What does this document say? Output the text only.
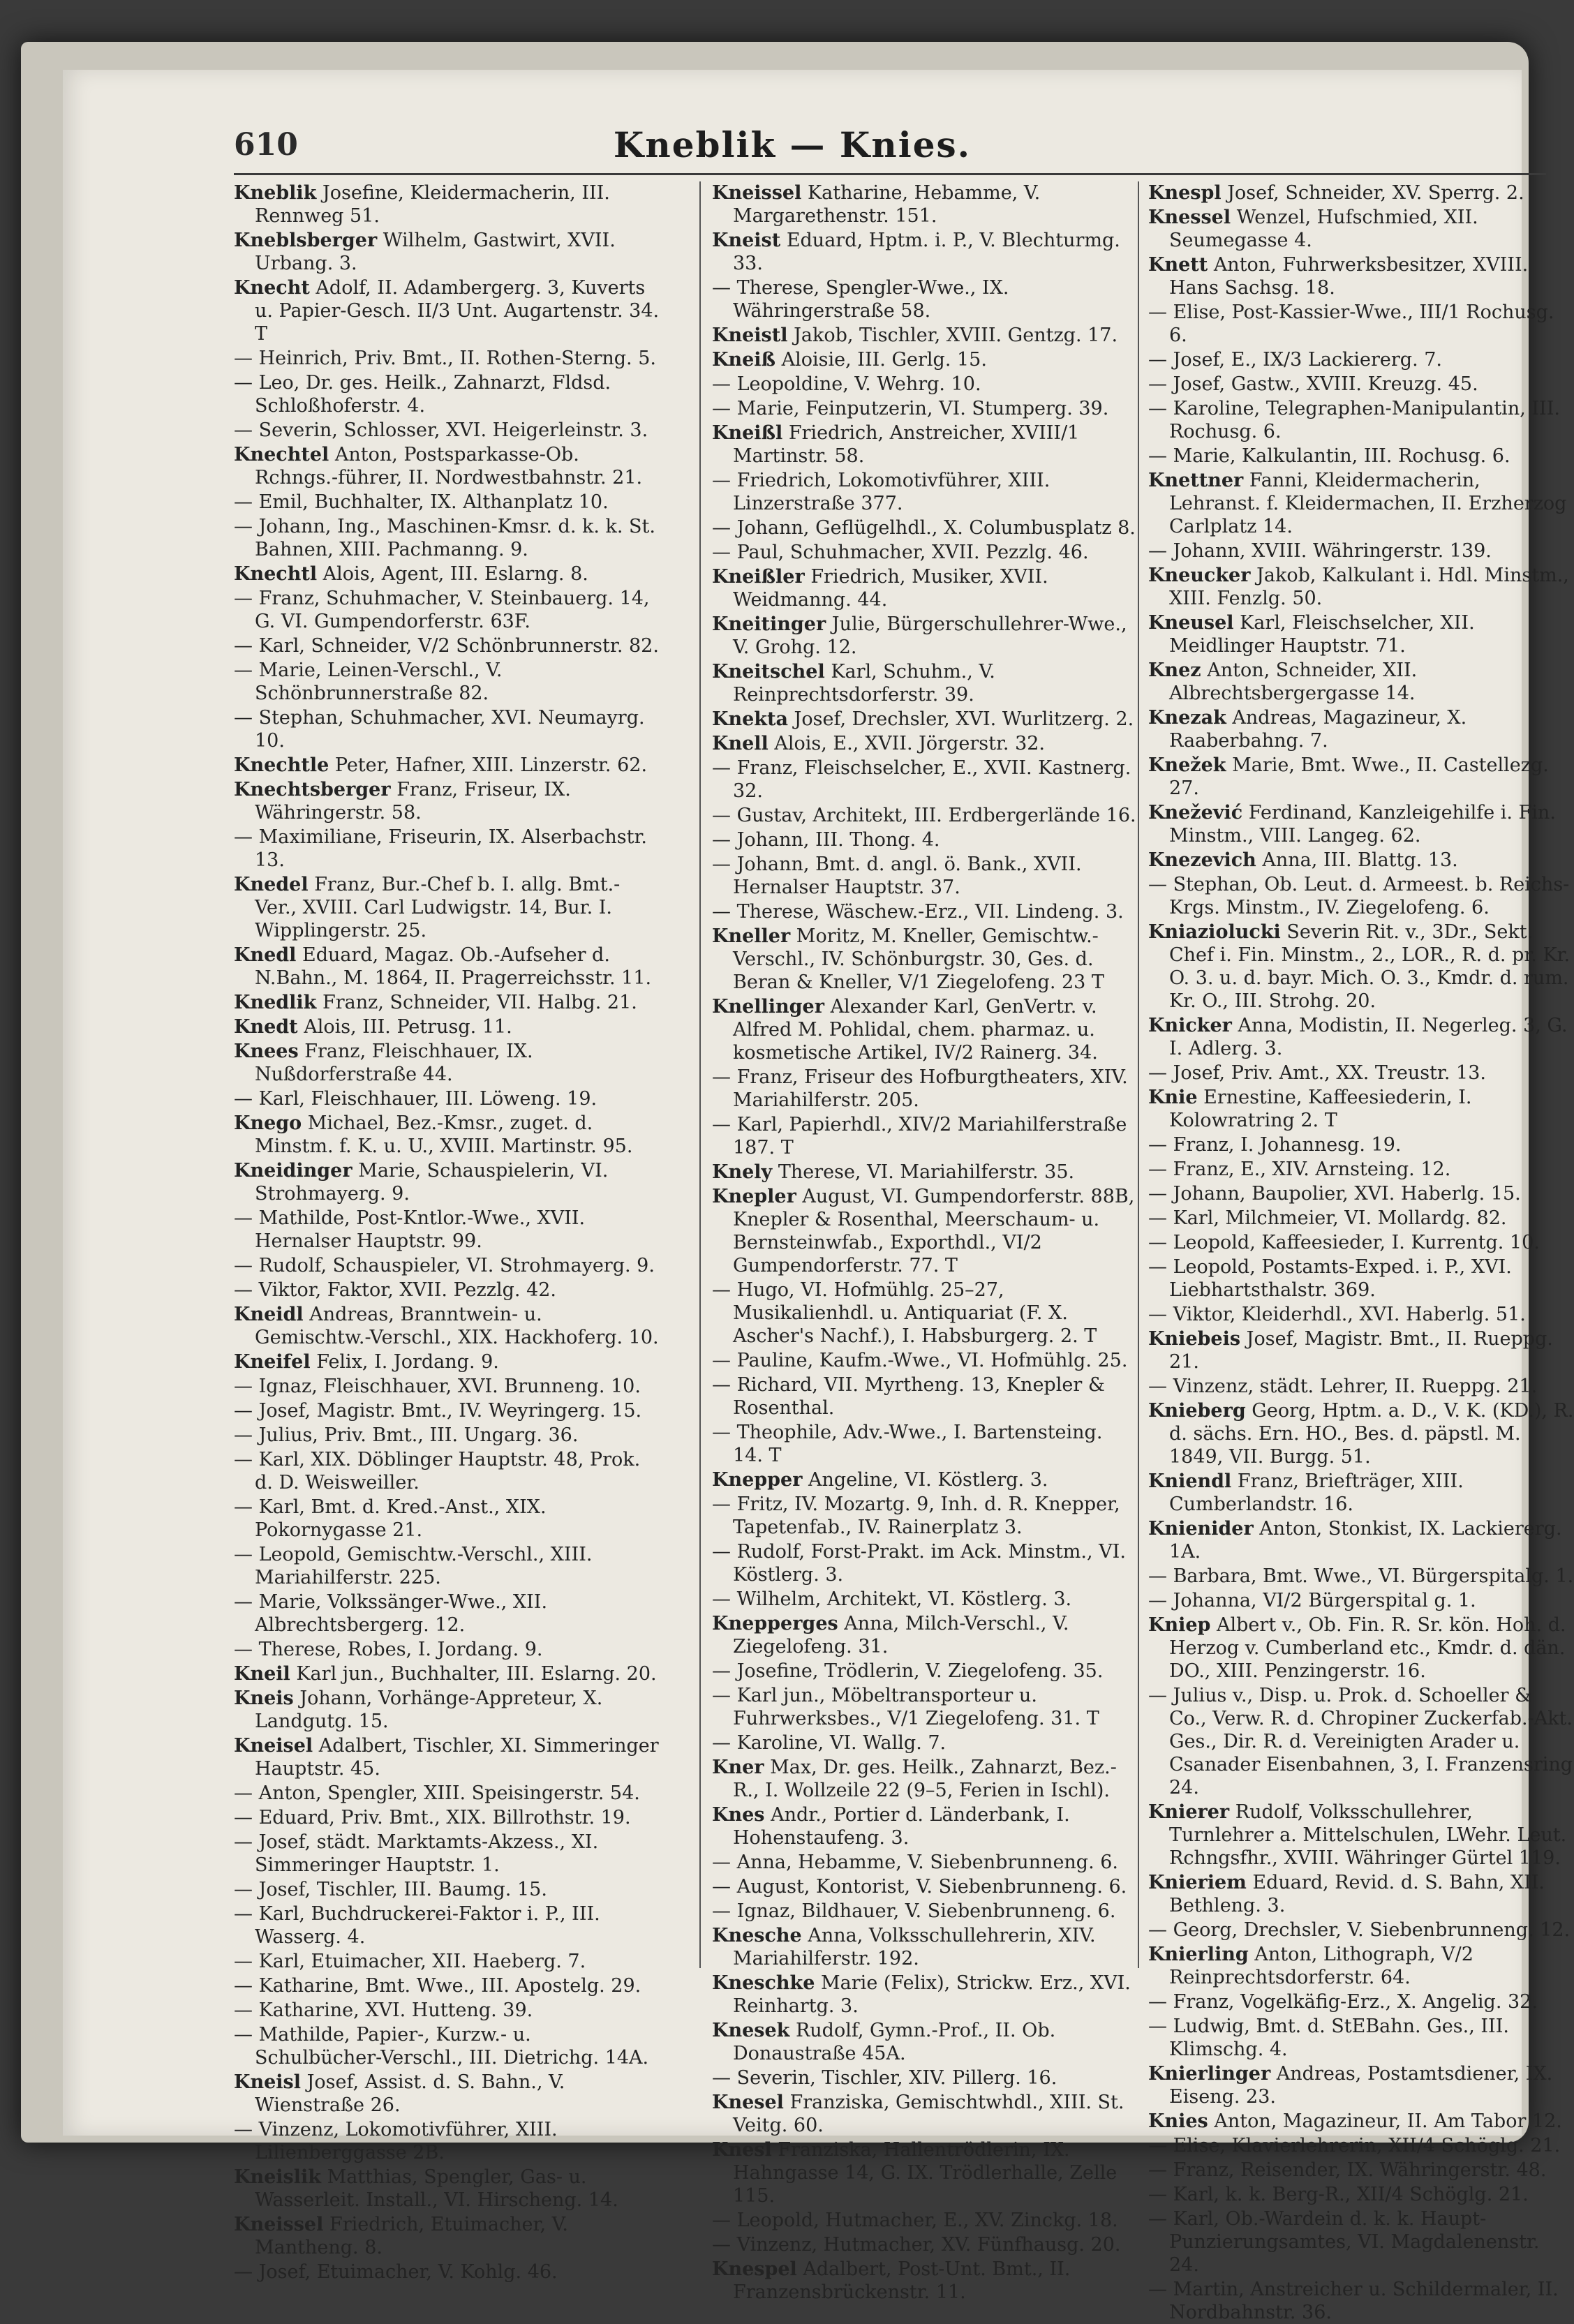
610	Kneblik — Knies.
Kneblik Josefine, Kleidermacherin, III. Rennweg 51.
Kneblsberger Wilhelm, Gastwirt, XVII. Urbang. 3.
Knecht Adolf, II. Adambergerg. 3, Kuverts u. Papier-Gesch. II/3 Unt. Augartenstr. 34. T
— Heinrich, Priv. Bmt., II. Rothen-Sterng. 5.
— Leo, Dr. ges. Heilk., Zahnarzt, Fldsd. Schloßhoferstr. 4.
— Severin, Schlosser, XVI. Heigerleinstr. 3.
Knechtel Anton, Postsparkasse-Ob. Rchngs.-führer, II. Nordwestbahnstr. 21.
— Emil, Buchhalter, IX. Althanplatz 10.
— Johann, Ing., Maschinen-Kmsr. d. k. k. St. Bahnen, XIII. Pachmanng. 9.
Knechtl Alois, Agent, III. Eslarng. 8.
— Franz, Schuhmacher, V. Steinbauerg. 14, G. VI. Gumpendorferstr. 63F.
— Karl, Schneider, V/2 Schönbrunnerstr. 82.
— Marie, Leinen-Verschl., V. Schönbrunnerstraße 82.
— Stephan, Schuhmacher, XVI. Neumayrg. 10.
Knechtle Peter, Hafner, XIII. Linzerstr. 62.
Knechtsberger Franz, Friseur, IX. Währingerstr. 58.
— Maximiliane, Friseurin, IX. Alserbachstr. 13.
Knedel Franz, Bur.-Chef b. I. allg. Bmt.-Ver., XVIII. Carl Ludwigstr. 14, Bur. I. Wipplingerstr. 25.
Knedl Eduard, Magaz. Ob.-Aufseher d. N.Bahn., M. 1864, II. Pragerreichsstr. 11.
Knedlik Franz, Schneider, VII. Halbg. 21.
Knedt Alois, III. Petrusg. 11.
Knees Franz, Fleischhauer, IX. Nußdorferstraße 44.
— Karl, Fleischhauer, III. Löweng. 19.
Knego Michael, Bez.-Kmsr., zuget. d. Minstm. f. K. u. U., XVIII. Martinstr. 95.
Kneidinger Marie, Schauspielerin, VI. Strohmayerg. 9.
— Mathilde, Post-Kntlor.-Wwe., XVII. Hernalser Hauptstr. 99.
— Rudolf, Schauspieler, VI. Strohmayerg. 9.
— Viktor, Faktor, XVII. Pezzlg. 42.
Kneidl Andreas, Branntwein- u. Gemischtw.-Verschl., XIX. Hackhoferg. 10.
Kneifel Felix, I. Jordang. 9.
— Ignaz, Fleischhauer, XVI. Brunneng. 10.
— Josef, Magistr. Bmt., IV. Weyringerg. 15.
— Julius, Priv. Bmt., III. Ungarg. 36.
— Karl, XIX. Döblinger Hauptstr. 48, Prok. d. D. Weisweiller.
— Karl, Bmt. d. Kred.-Anst., XIX. Pokornygasse 21.
— Leopold, Gemischtw.-Verschl., XIII. Mariahilferstr. 225.
— Marie, Volkssänger-Wwe., XII. Albrechtsbergerg. 12.
— Therese, Robes, I. Jordang. 9.
Kneil Karl jun., Buchhalter, III. Eslarng. 20.
Kneis Johann, Vorhänge-Appreteur, X. Landgutg. 15.
Kneisel Adalbert, Tischler, XI. Simmeringer Hauptstr. 45.
— Anton, Spengler, XIII. Speisingerstr. 54.
— Eduard, Priv. Bmt., XIX. Billrothstr. 19.
— Josef, städt. Marktamts-Akzess., XI. Simmeringer Hauptstr. 1.
— Josef, Tischler, III. Baumg. 15.
— Karl, Buchdruckerei-Faktor i. P., III. Wasserg. 4.
— Karl, Etuimacher, XII. Haeberg. 7.
— Katharine, Bmt. Wwe., III. Apostelg. 29.
— Katharine, XVI. Hutteng. 39.
— Mathilde, Papier-, Kurzw.- u. Schulbücher-Verschl., III. Dietrichg. 14A.
Kneisl Josef, Assist. d. S. Bahn., V. Wienstraße 26.
— Vinzenz, Lokomotivführer, XIII. Lilienberggasse 2B.
Kneislik Matthias, Spengler, Gas- u. Wasserleit. Install., VI. Hirscheng. 14.
Kneissel Friedrich, Etuimacher, V. Mantheng. 8.
— Josef, Etuimacher, V. Kohlg. 46.
Kneissel Katharine, Hebamme, V. Margarethenstr. 151.
Kneist Eduard, Hptm. i. P., V. Blechturmg. 33.
— Therese, Spengler-Wwe., IX. Währingerstraße 58.
Kneistl Jakob, Tischler, XVIII. Gentzg. 17.
Kneiß Aloisie, III. Gerlg. 15.
— Leopoldine, V. Wehrg. 10.
— Marie, Feinputzerin, VI. Stumperg. 39.
Kneißl Friedrich, Anstreicher, XVIII/1 Martinstr. 58.
— Friedrich, Lokomotivführer, XIII. Linzerstraße 377.
— Johann, Geflügelhdl., X. Columbusplatz 8.
— Paul, Schuhmacher, XVII. Pezzlg. 46.
Kneißler Friedrich, Musiker, XVII. Weidmanng. 44.
Kneitinger Julie, Bürgerschullehrer-Wwe., V. Grohg. 12.
Kneitschel Karl, Schuhm., V. Reinprechtsdorferstr. 39.
Knekta Josef, Drechsler, XVI. Wurlitzerg. 2.
Knell Alois, E., XVII. Jörgerstr. 32.
— Franz, Fleischselcher, E., XVII. Kastnerg. 32.
— Gustav, Architekt, III. Erdbergerlände 16.
— Johann, III. Thong. 4.
— Johann, Bmt. d. angl. ö. Bank., XVII. Hernalser Hauptstr. 37.
— Therese, Wäschew.-Erz., VII. Lindeng. 3.
Kneller Moritz, M. Kneller, Gemischtw.-Verschl., IV. Schönburgstr. 30, Ges. d. Beran & Kneller, V/1 Ziegelofeng. 23 T
Knellinger Alexander Karl, GenVertr. v. Alfred M. Pohlidal, chem. pharmaz. u. kosmetische Artikel, IV/2 Rainerg. 34.
— Franz, Friseur des Hofburgtheaters, XIV. Mariahilferstr. 205.
— Karl, Papierhdl., XIV/2 Mariahilferstraße 187. T
Knely Therese, VI. Mariahilferstr. 35.
Knepler August, VI. Gumpendorferstr. 88B, Knepler & Rosenthal, Meerschaum- u. Bernsteinwfab., Exporthdl., VI/2 Gumpendorferstr. 77. T
— Hugo, VI. Hofmühlg. 25–27, Musikalienhdl. u. Antiquariat (F. X. Ascher's Nachf.), I. Habsburgerg. 2. T
— Pauline, Kaufm.-Wwe., VI. Hofmühlg. 25.
— Richard, VII. Myrtheng. 13, Knepler & Rosenthal.
— Theophile, Adv.-Wwe., I. Bartensteing. 14. T
Knepper Angeline, VI. Köstlerg. 3.
— Fritz, IV. Mozartg. 9, Inh. d. R. Knepper, Tapetenfab., IV. Rainerplatz 3.
— Rudolf, Forst-Prakt. im Ack. Minstm., VI. Köstlerg. 3.
— Wilhelm, Architekt, VI. Köstlerg. 3.
Knepperges Anna, Milch-Verschl., V. Ziegelofeng. 31.
— Josefine, Trödlerin, V. Ziegelofeng. 35.
— Karl jun., Möbeltransporteur u. Fuhrwerksbes., V/1 Ziegelofeng. 31. T
— Karoline, VI. Wallg. 7.
Kner Max, Dr. ges. Heilk., Zahnarzt, Bez.-R., I. Wollzeile 22 (9–5, Ferien in Ischl).
Knes Andr., Portier d. Länderbank, I. Hohenstaufeng. 3.
— Anna, Hebamme, V. Siebenbrunneng. 6.
— August, Kontorist, V. Siebenbrunneng. 6.
— Ignaz, Bildhauer, V. Siebenbrunneng. 6.
Knesche Anna, Volksschullehrerin, XIV. Mariahilferstr. 192.
Kneschke Marie (Felix), Strickw. Erz., XVI. Reinhartg. 3.
Knesek Rudolf, Gymn.-Prof., II. Ob. Donaustraße 45A.
— Severin, Tischler, XIV. Pillerg. 16.
Knesel Franziska, Gemischtwhdl., XIII. St. Veitg. 60.
Knesl Franziska, Hallentrödlerin, IX. Hahngasse 14, G. IX. Trödlerhalle, Zelle 115.
— Leopold, Hutmacher, E., XV. Zinckg. 18.
— Vinzenz, Hutmacher, XV. Fünfhausg. 20.
Knespel Adalbert, Post-Unt. Bmt., II. Franzensbrückenstr. 11.
Knespl Josef, Schneider, XV. Sperrg. 2.
Knessel Wenzel, Hufschmied, XII. Seumegasse 4.
Knett Anton, Fuhrwerksbesitzer, XVIII. Hans Sachsg. 18.
— Elise, Post-Kassier-Wwe., III/1 Rochusg. 6.
— Josef, E., IX/3 Lackiererg. 7.
— Josef, Gastw., XVIII. Kreuzg. 45.
— Karoline, Telegraphen-Manipulantin, III. Rochusg. 6.
— Marie, Kalkulantin, III. Rochusg. 6.
Knettner Fanni, Kleidermacherin, Lehranst. f. Kleidermachen, II. Erzherzog Carlplatz 14.
— Johann, XVIII. Währingerstr. 139.
Kneucker Jakob, Kalkulant i. Hdl. Minstm., XIII. Fenzlg. 50.
Kneusel Karl, Fleischselcher, XII. Meidlinger Hauptstr. 71.
Knez Anton, Schneider, XII. Albrechtsbergergasse 14.
Knezak Andreas, Magazineur, X. Raaberbahng. 7.
Knežek Marie, Bmt. Wwe., II. Castellezg. 27.
Knežević Ferdinand, Kanzleigehilfe i. Fin. Minstm., VIII. Langeg. 62.
Knezevich Anna, III. Blattg. 13.
— Stephan, Ob. Leut. d. Armeest. b. Reichs-Krgs. Minstm., IV. Ziegelofeng. 6.
Kniaziolucki Severin Rit. v., 3Dr., Sekt. Chef i. Fin. Minstm., 2., LOR., R. d. pr. Kr. O. 3. u. d. bayr. Mich. O. 3., Kmdr. d. rum. Kr. O., III. Strohg. 20.
Knicker Anna, Modistin, II. Negerleg. 3, G. I. Adlerg. 3.
— Josef, Priv. Amt., XX. Treustr. 13.
Knie Ernestine, Kaffeesiederin, I. Kolowratring 2. T
— Franz, I. Johannesg. 19.
— Franz, E., XIV. Arnsteing. 12.
— Johann, Baupolier, XVI. Haberlg. 15.
— Karl, Milchmeier, VI. Mollardg. 82.
— Leopold, Kaffeesieder, I. Kurrentg. 10.
— Leopold, Postamts-Exped. i. P., XVI. Liebhartsthalstr. 369.
— Viktor, Kleiderhdl., XVI. Haberlg. 51.
Kniebeis Josef, Magistr. Bmt., II. Rueppg. 21.
— Vinzenz, städt. Lehrer, II. Rueppg. 21.
Knieberg Georg, Hptm. a. D., V. K. (KD.), R. d. sächs. Ern. HO., Bes. d. päpstl. M. 1849, VII. Burgg. 51.
Kniendl Franz, Briefträger, XIII. Cumberlandstr. 16.
Knienider Anton, Stonkist, IX. Lackiererg. 1A.
— Barbara, Bmt. Wwe., VI. Bürgerspitalg. 1.
— Johanna, VI/2 Bürgerspital g. 1.
Kniep Albert v., Ob. Fin. R. Sr. kön. Hoh. d. Herzog v. Cumberland etc., Kmdr. d. dän. DO., XIII. Penzingerstr. 16.
— Julius v., Disp. u. Prok. d. Schoeller & Co., Verw. R. d. Chropiner Zuckerfab.-Akt. Ges., Dir. R. d. Vereinigten Arader u. Csanader Eisenbahnen, 3, I. Franzensring 24.
Knierer Rudolf, Volksschullehrer, Turnlehrer a. Mittelschulen, LWehr. Leut. Rchngsfhr., XVIII. Währinger Gürtel 119.
Knieriem Eduard, Revid. d. S. Bahn, XII. Bethleng. 3.
— Georg, Drechsler, V. Siebenbrunneng. 12.
Knierling Anton, Lithograph, V/2 Reinprechtsdorferstr. 64.
— Franz, Vogelkäfig-Erz., X. Angelig. 32.
— Ludwig, Bmt. d. StEBahn. Ges., III. Klimschg. 4.
Knierlinger Andreas, Postamtsdiener, IX. Eiseng. 23.
Knies Anton, Magazineur, II. Am Tabor 12.
— Elise, Klavierlehrerin, XII/4 Schöglg. 21.
— Franz, Reisender, IX. Währingerstr. 48.
— Karl, k. k. Berg-R., XII/4 Schöglg. 21.
— Karl, Ob.-Wardein d. k. k. Haupt-Punzierungsamtes, VI. Magdalenenstr. 24.
— Martin, Anstreicher u. Schildermaler, II. Nordbahnstr. 36.
